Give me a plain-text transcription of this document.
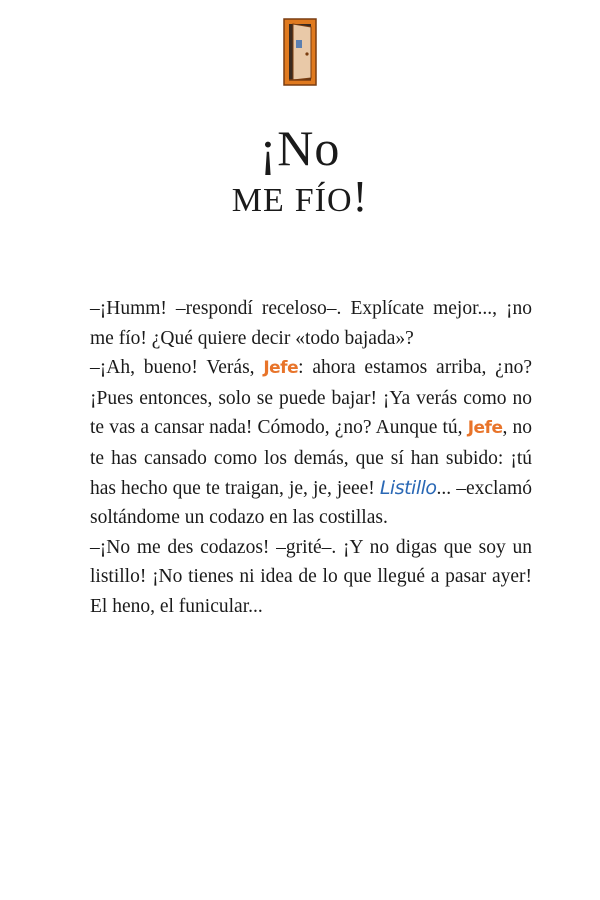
¡No
ME FÍO!

–¡Humm! –respondí receloso–. Explícate mejor..., ¡no me fío! ¿Qué quiere decir «todo bajada»?

–¡Ah, bueno! Verás, Jefe: ahora estamos arriba, ¿no? ¡Pues entonces, solo se puede bajar! ¡Ya verás como no te vas a cansar nada! Cómodo, ¿no? Aunque tú, Jefe, no te has cansado como los demás, que sí han subido: ¡tú has hecho que te traigan, je, je, jeee! Listillo... –exclamó soltándome un codazo en las costillas.

–¡No me des codazos! –grité–. ¡Y no digas que soy un listillo! ¡No tienes ni idea de lo que llegué a pasar ayer! El heno, el funicular...
